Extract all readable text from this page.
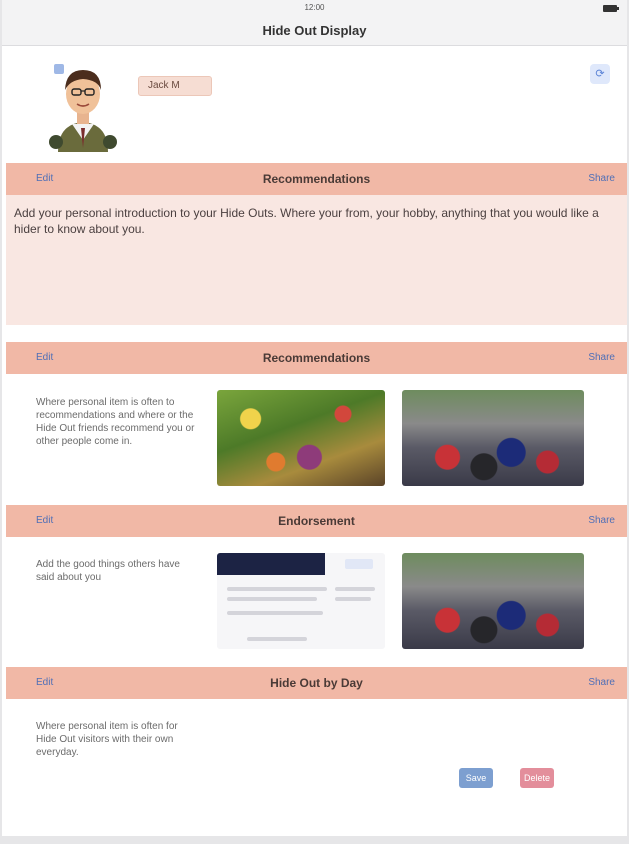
12:00
Hide Out Display
Jack M
⟳
Edit	Recommendations	Share
Add your personal introduction to your Hide Outs. Where your from, your hobby, anything that you would like a hider to know about you.
Edit	Recommendations	Share
Where personal item is often to recommendations and where or the Hide Out friends recommend you or other people come in.
Edit	Endorsement	Share
Add the good things others have said about you
Edit	Hide Out by Day	Share
Where personal item is often for Hide Out visitors with their own everyday.
Save	Delete
